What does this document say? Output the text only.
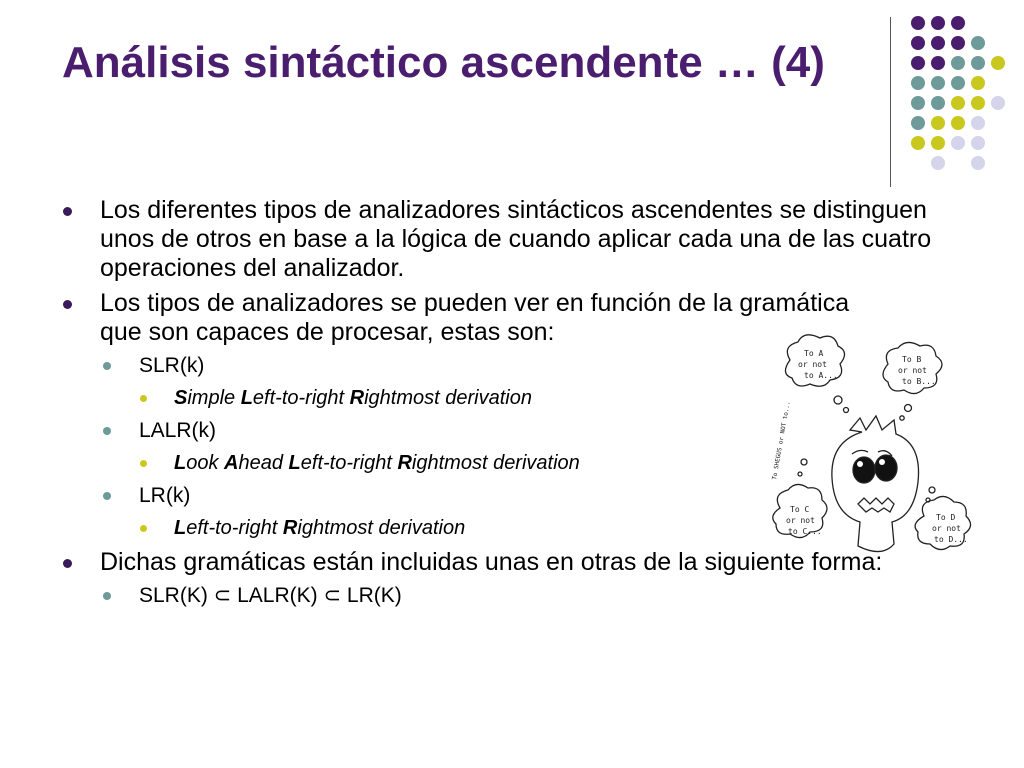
Análisis sintáctico ascendente … (4)
Los diferentes tipos de analizadores sintácticos ascendentes se distinguen unos de otros en base a la lógica de cuando aplicar cada una de las cuatro operaciones del analizador.
Los tipos de analizadores se pueden ver en función de la gramática que son capaces de procesar, estas son:
SLR(k)
Simple Left-to-right Rightmost derivation
LALR(k)
Look Ahead Left-to-right Rightmost derivation
LR(k)
Left-to-right Rightmost derivation
Dichas gramáticas están incluidas unas en otras de la siguiente forma:
SLR(K) ⊂ LALR(K) ⊂ LR(K)
To A
or not
to A...
To B
or not
to B...
To SHEGUS or NOT to...
To C
or not
to C...
To D
or not
to D...
